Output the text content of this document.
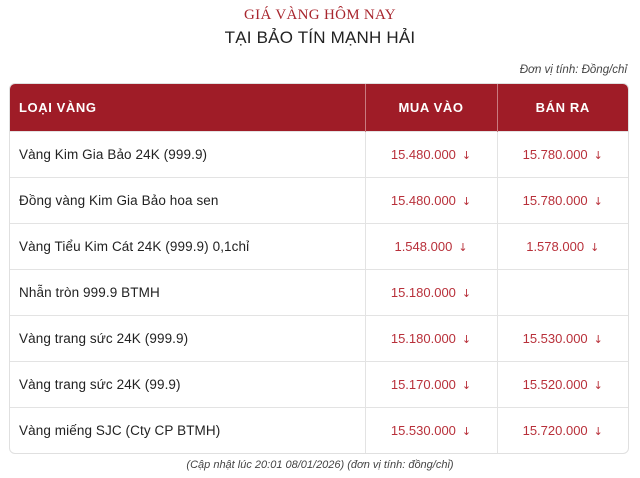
GIÁ VÀNG HÔM NAY
TẠI BẢO TÍN MẠNH HẢI
Đơn vị tính: Đồng/chỉ
LOẠI VÀNG	MUA VÀO	BÁN RA
Vàng Kim Gia Bảo 24K (999.9)	15.480.000 ↓	15.780.000 ↓
Đồng vàng Kim Gia Bảo hoa sen	15.480.000 ↓	15.780.000 ↓
Vàng Tiểu Kim Cát 24K (999.9) 0,1chỉ	1.548.000 ↓	1.578.000 ↓
Nhẫn tròn 999.9 BTMH	15.180.000 ↓	
Vàng trang sức 24K (999.9)	15.180.000 ↓	15.530.000 ↓
Vàng trang sức 24K (99.9)	15.170.000 ↓	15.520.000 ↓
Vàng miếng SJC (Cty CP BTMH)	15.530.000 ↓	15.720.000 ↓
(Cập nhật lúc 20:01 08/01/2026) (đơn vị tính: đồng/chỉ)
